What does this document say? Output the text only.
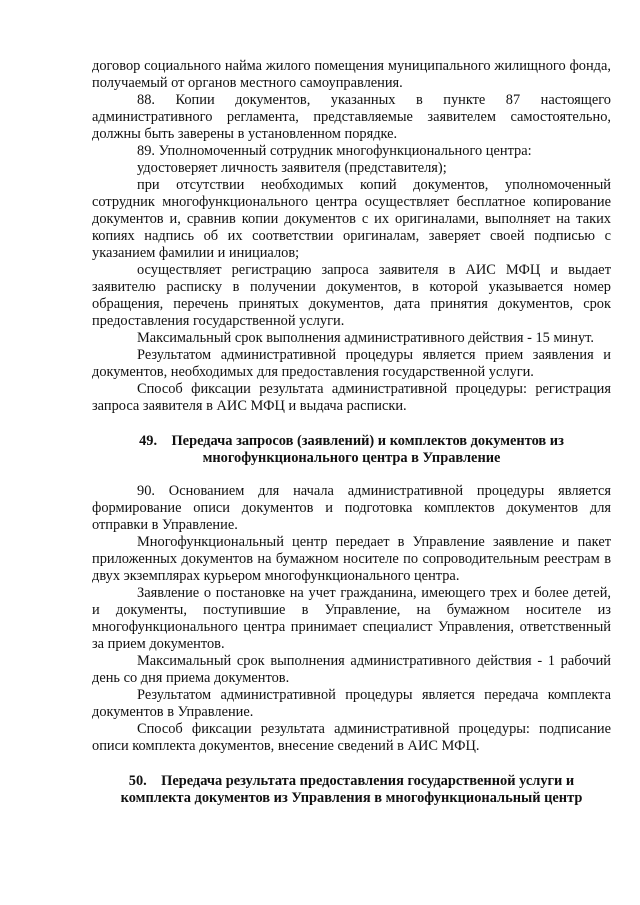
договор социального найма жилого помещения муниципального жилищного фонда, получаемый от органов местного самоуправления.

88. Копии документов, указанных в пункте 87 настоящего административного регламента, представляемые заявителем самостоятельно, должны быть заверены в установленном порядке.

89. Уполномоченный сотрудник многофункционального центра:

удостоверяет личность заявителя (представителя);

при отсутствии необходимых копий документов, уполномоченный сотрудник многофункционального центра осуществляет бесплатное копирование документов и, сравнив копии документов с их оригиналами, выполняет на таких копиях надпись об их соответствии оригиналам, заверяет своей подписью с указанием фамилии и инициалов;

осуществляет регистрацию запроса заявителя в АИС МФЦ и выдает заявителю расписку в получении документов, в которой указывается номер обращения, перечень принятых документов, дата принятия документов, срок предоставления государственной услуги.

Максимальный срок выполнения административного действия - 15 минут.

Результатом административной процедуры является прием заявления и документов, необходимых для предоставления государственной услуги.

Способ фиксации результата административной процедуры: регистрация запроса заявителя в АИС МФЦ и выдача расписки.

49.    Передача запросов (заявлений) и комплектов документов из

многофункционального центра в Управление

90. Основанием для начала административной процедуры является формирование описи документов и подготовка комплектов документов для отправки в Управление.

Многофункциональный центр передает в Управление заявление и пакет приложенных документов на бумажном носителе по сопроводительным реестрам в двух экземплярах курьером многофункционального центра.

Заявление о постановке на учет гражданина, имеющего трех и более детей, и документы, поступившие в Управление, на бумажном носителе из многофункционального центра принимает специалист Управления, ответственный за прием документов.

Максимальный срок выполнения административного действия - 1 рабочий день со дня приема документов.

Результатом административной процедуры является передача комплекта документов в Управление.

Способ фиксации результата административной процедуры: подписание описи комплекта документов, внесение сведений в АИС МФЦ.

50.    Передача результата предоставления государственной услуги и

комплекта документов из Управления в многофункциональный центр
